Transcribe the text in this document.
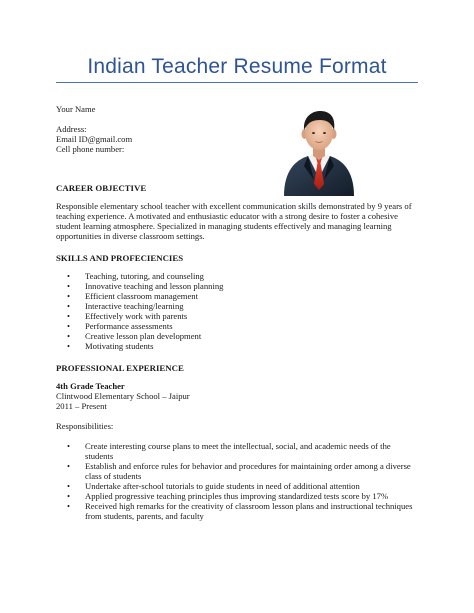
Indian Teacher Resume Format
Your Name
Address:
Email ID@gmail.com
Cell phone number:
CAREER OBJECTIVE
Responsible elementary school teacher with excellent communication skills demonstrated by 9 years of teaching experience. A motivated and enthusiastic educator with a strong desire to foster a cohesive student learning atmosphere. Specialized in managing students effectively and managing learning opportunities in diverse classroom settings.
SKILLS AND PROFECIENCIES
• Teaching, tutoring, and counseling
• Innovative teaching and lesson planning
• Efficient classroom management
• Interactive teaching/learning
• Effectively work with parents
• Performance assessments
• Creative lesson plan development
• Motivating students
PROFESSIONAL EXPERIENCE
4th Grade Teacher
Clintwood Elementary School – Jaipur
2011 – Present
Responsibilities:
• Create interesting course plans to meet the intellectual, social, and academic needs of the students
• Establish and enforce rules for behavior and procedures for maintaining order among a diverse class of students
• Undertake after-school tutorials to guide students in need of additional attention
• Applied progressive teaching principles thus improving standardized tests score by 17%
• Received high remarks for the creativity of classroom lesson plans and instructional techniques from students, parents, and faculty
